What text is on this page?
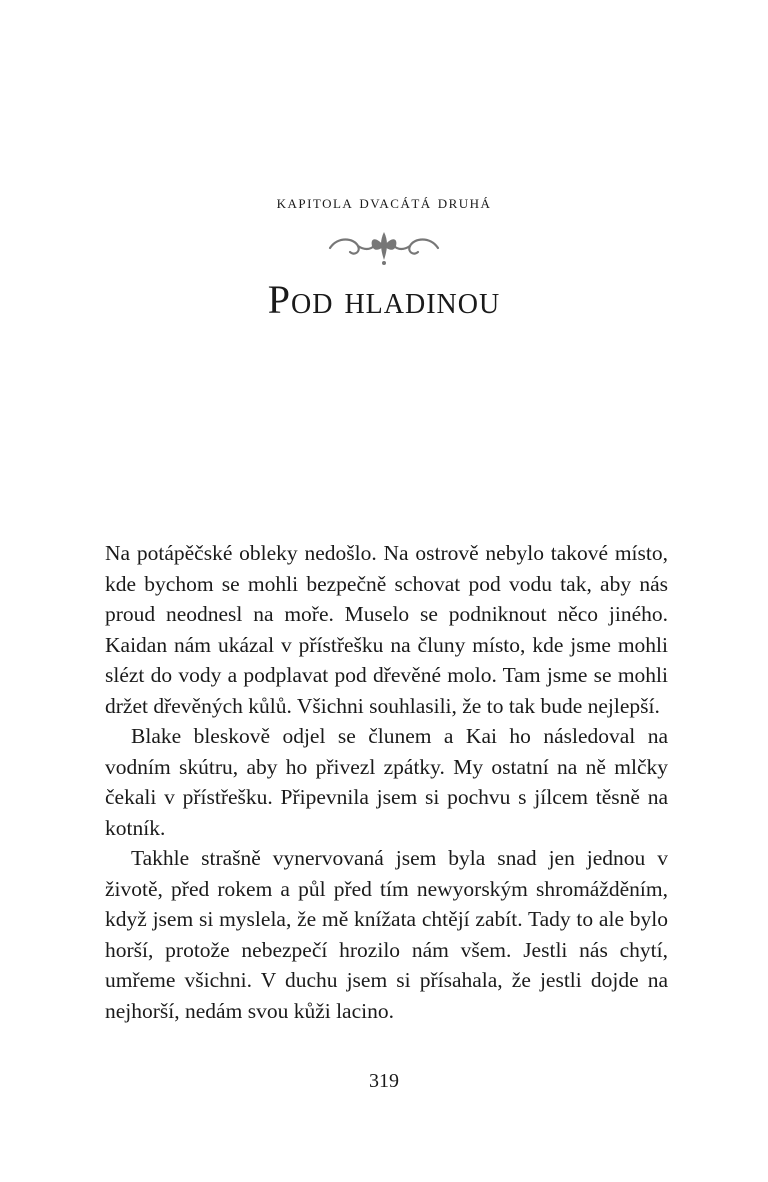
kapitola dvacátá druhá
Pod hladinou

Na potápěčské obleky nedošlo. Na ostrově nebylo takové místo, kde bychom se mohli bezpečně schovat pod vodu tak, aby nás proud neodnesl na moře. Muselo se podniknout něco jiného. Kaidan nám ukázal v přístřešku na čluny místo, kde jsme mohli slézt do vody a podplavat pod dřevěné molo. Tam jsme se mohli držet dřevěných kůlů. Všichni souhlasili, že to tak bude nejlepší.

Blake bleskově odjel se člunem a Kai ho následoval na vodním skútru, aby ho přivezl zpátky. My ostatní na ně mlčky čekali v přístřešku. Připevnila jsem si pochvu s jílcem těsně na kotník.

Takhle strašně vynervovaná jsem byla snad jen jednou v životě, před rokem a půl před tím newyorským shromážděním, když jsem si myslela, že mě knížata chtějí zabít. Tady to ale bylo horší, protože nebezpečí hrozilo nám všem. Jestli nás chytí, umřeme všichni. V duchu jsem si přísahala, že jestli dojde na nejhorší, nedám svou kůži lacino.

319
